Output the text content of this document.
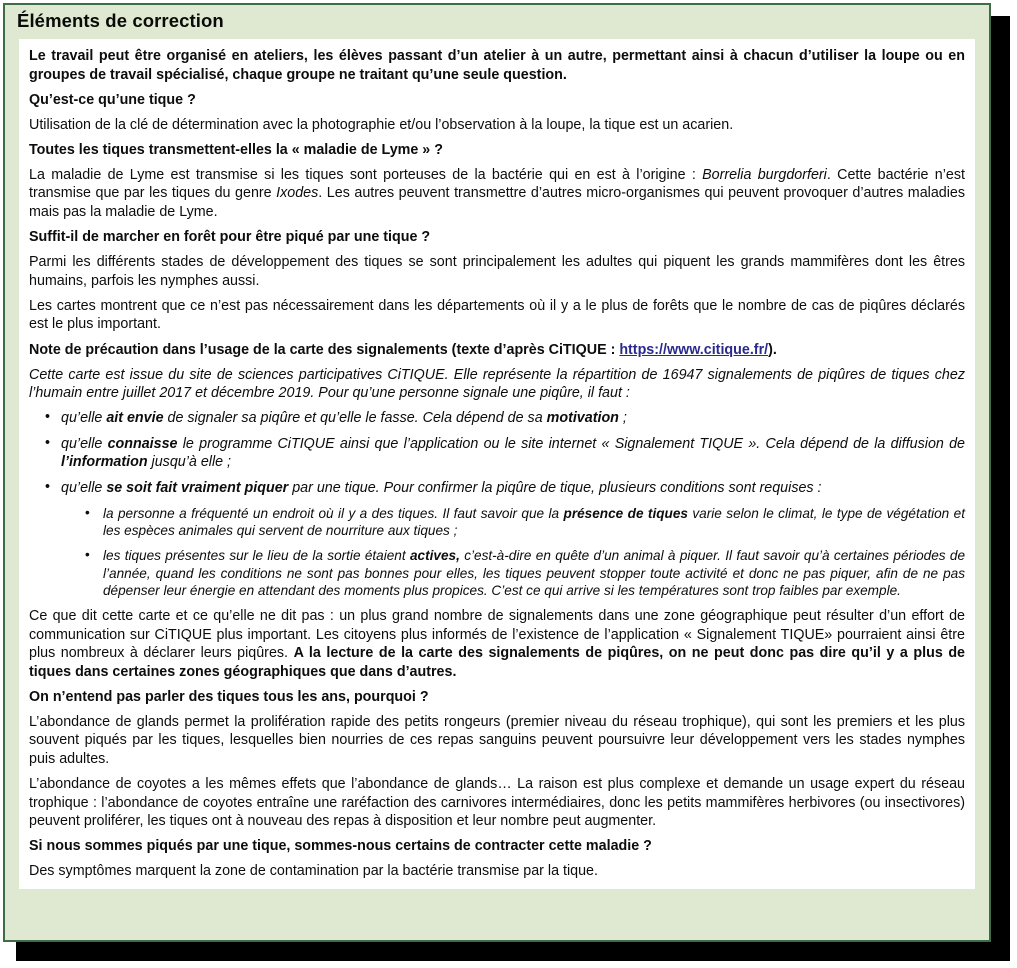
Éléments de correction

Le travail peut être organisé en ateliers, les élèves passant d’un atelier à un autre, permettant ainsi à chacun d’utiliser la loupe ou en groupes de travail spécialisé, chaque groupe ne traitant qu’une seule question.

Qu’est-ce qu’une tique ?

Utilisation de la clé de détermination avec la photographie et/ou l’observation à la loupe, la tique est un acarien.

Toutes les tiques transmettent-elles la « maladie de Lyme » ?

La maladie de Lyme est transmise si les tiques sont porteuses de la bactérie qui en est à l’origine : Borrelia burgdorferi. Cette bactérie n’est transmise que par les tiques du genre Ixodes. Les autres peuvent transmettre d’autres micro-organismes qui peuvent provoquer d’autres maladies mais pas la maladie de Lyme.

Suffit-il de marcher en forêt pour être piqué par une tique ?

Parmi les différents stades de développement des tiques se sont principalement les adultes qui piquent les grands mammifères dont les êtres humains, parfois les nymphes aussi.

Les cartes montrent que ce n’est pas nécessairement dans les départements où il y a le plus de forêts que le nombre de cas de piqûres déclarés est le plus important.

Note de précaution dans l’usage de la carte des signalements (texte d’après CiTIQUE : https://www.citique.fr/).

Cette carte est issue du site de sciences participatives CiTIQUE. Elle représente la répartition de 16947 signalements de piqûres de tiques chez l’humain entre juillet 2017 et décembre 2019. Pour qu’une personne signale une piqûre, il faut :

• qu’elle ait envie de signaler sa piqûre et qu’elle le fasse. Cela dépend de sa motivation ;
• qu’elle connaisse le programme CiTIQUE ainsi que l’application ou le site internet « Signalement TIQUE ». Cela dépend de la diffusion de l’information jusqu’à elle ;
• qu’elle se soit fait vraiment piquer par une tique. Pour confirmer la piqûre de tique, plusieurs conditions sont requises :
• la personne a fréquenté un endroit où il y a des tiques. Il faut savoir que la présence de tiques varie selon le climat, le type de végétation et les espèces animales qui servent de nourriture aux tiques ;
• les tiques présentes sur le lieu de la sortie étaient actives, c’est-à-dire en quête d’un animal à piquer. Il faut savoir qu’à certaines périodes de l’année, quand les conditions ne sont pas bonnes pour elles, les tiques peuvent stopper toute activité et donc ne pas piquer, afin de ne pas dépenser leur énergie en attendant des moments plus propices. C’est ce qui arrive si les températures sont trop faibles par exemple.

Ce que dit cette carte et ce qu’elle ne dit pas : un plus grand nombre de signalements dans une zone géographique peut résulter d’un effort de communication sur CiTIQUE plus important. Les citoyens plus informés de l’existence de l’application « Signalement TIQUE» pourraient ainsi être plus nombreux à déclarer leurs piqûres. A la lecture de la carte des signalements de piqûres, on ne peut donc pas dire qu’il y a plus de tiques dans certaines zones géographiques que dans d’autres.

On n’entend pas parler des tiques tous les ans, pourquoi ?

L’abondance de glands permet la prolifération rapide des petits rongeurs (premier niveau du réseau trophique), qui sont les premiers et les plus souvent piqués par les tiques, lesquelles bien nourries de ces repas sanguins peuvent poursuivre leur développement vers les stades nymphes puis adultes.

L’abondance de coyotes a les mêmes effets que l’abondance de glands… La raison est plus complexe et demande un usage expert du réseau trophique : l’abondance de coyotes entraîne une raréfaction des carnivores intermédiaires, donc les petits mammifères herbivores (ou insectivores) peuvent proliférer, les tiques ont à nouveau des repas à disposition et leur nombre peut augmenter.

Si nous sommes piqués par une tique, sommes-nous certains de contracter cette maladie ?

Des symptômes marquent la zone de contamination par la bactérie transmise par la tique.
